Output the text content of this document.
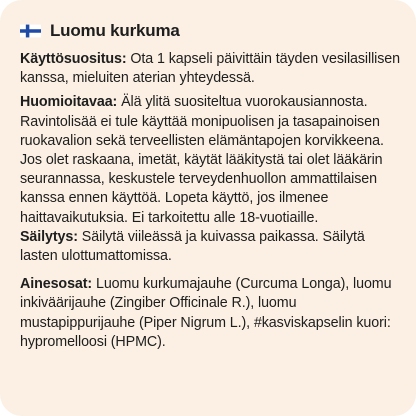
Luomu kurkuma

Käyttösuositus: Ota 1 kapseli päivittäin täyden vesilasillisen kanssa, mieluiten aterian yhteydessä.

Huomioitavaa: Älä ylitä suositeltua vuorokausiannosta. Ravintolisää ei tule käyttää monipuolisen ja tasapainoisen ruokavalion sekä terveellisten elämäntapojen korvikkeena. Jos olet raskaana, imetät, käytät lääkitystä tai olet lääkärin seurannassa, keskustele terveydenhuollon ammattilaisen kanssa ennen käyttöä. Lopeta käyttö, jos ilmenee haittavaikutuksia. Ei tarkoitettu alle 18-vuotiaille.

Säilytys: Säilytä viileässä ja kuivassa paikassa. Säilytä lasten ulottumattomissa.

Ainesosat: Luomu kurkumajauhe (Curcuma Longa), luomu inkiväärijauhe (Zingiber Officinale R.), luomu mustapippurijauhe (Piper Nigrum L.), #kasviskapselin kuori: hypromelloosi (HPMC).
